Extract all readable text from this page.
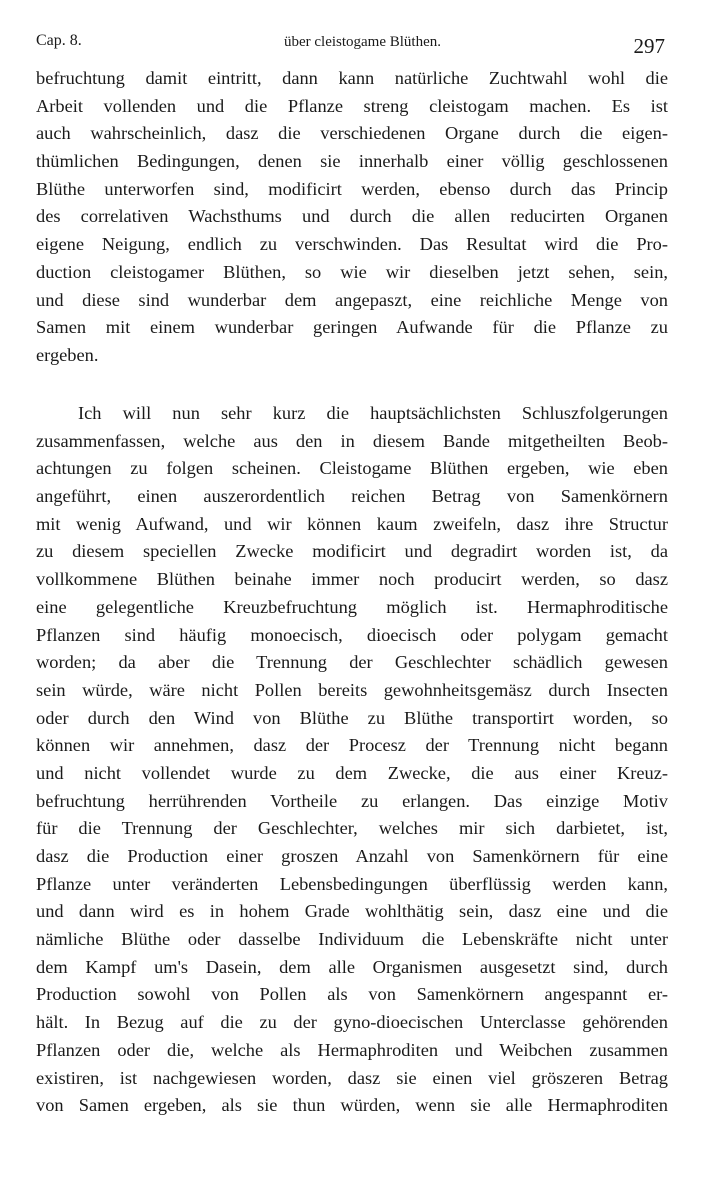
Cap. 8.	über cleistogame Blüthen.	297
befruchtung damit eintritt, dann kann natürliche Zuchtwahl wohl die
Arbeit vollenden und die Pflanze streng cleistogam machen. Es ist
auch wahrscheinlich, dasz die verschiedenen Organe durch die eigen-
thümlichen Bedingungen, denen sie innerhalb einer völlig geschlossenen
Blüthe unterworfen sind, modificirt werden, ebenso durch das Princip
des correlativen Wachsthums und durch die allen reducirten Organen
eigene Neigung, endlich zu verschwinden. Das Resultat wird die Pro-
duction cleistogamer Blüthen, so wie wir dieselben jetzt sehen, sein,
und diese sind wunderbar dem angepaszt, eine reichliche Menge von
Samen mit einem wunderbar geringen Aufwande für die Pflanze zu
ergeben.
Ich will nun sehr kurz die hauptsächlichsten Schluszfolgerungen
zusammenfassen, welche aus den in diesem Bande mitgetheilten Beob-
achtungen zu folgen scheinen. Cleistogame Blüthen ergeben, wie eben
angeführt, einen auszerordentlich reichen Betrag von Samenkörnern
mit wenig Aufwand, und wir können kaum zweifeln, dasz ihre Structur
zu diesem speciellen Zwecke modificirt und degradirt worden ist, da
vollkommene Blüthen beinahe immer noch producirt werden, so dasz
eine gelegentliche Kreuzbefruchtung möglich ist. Hermaphroditische
Pflanzen sind häufig monoecisch, dioecisch oder polygam gemacht
worden; da aber die Trennung der Geschlechter schädlich gewesen
sein würde, wäre nicht Pollen bereits gewohnheitsgemäsz durch Insecten
oder durch den Wind von Blüthe zu Blüthe transportirt worden, so
können wir annehmen, dasz der Procesz der Trennung nicht begann
und nicht vollendet wurde zu dem Zwecke, die aus einer Kreuz-
befruchtung herrührenden Vortheile zu erlangen. Das einzige Motiv
für die Trennung der Geschlechter, welches mir sich darbietet, ist,
dasz die Production einer groszen Anzahl von Samenkörnern für eine
Pflanze unter veränderten Lebensbedingungen überflüssig werden kann,
und dann wird es in hohem Grade wohlthätig sein, dasz eine und die
nämliche Blüthe oder dasselbe Individuum die Lebenskräfte nicht unter
dem Kampf um's Dasein, dem alle Organismen ausgesetzt sind, durch
Production sowohl von Pollen als von Samenkörnern angespannt er-
hält. In Bezug auf die zu der gyno-dioecischen Unterclasse gehörenden
Pflanzen oder die, welche als Hermaphroditen und Weibchen zusammen
existiren, ist nachgewiesen worden, dasz sie einen viel gröszeren Betrag
von Samen ergeben, als sie thun würden, wenn sie alle Hermaphroditen
